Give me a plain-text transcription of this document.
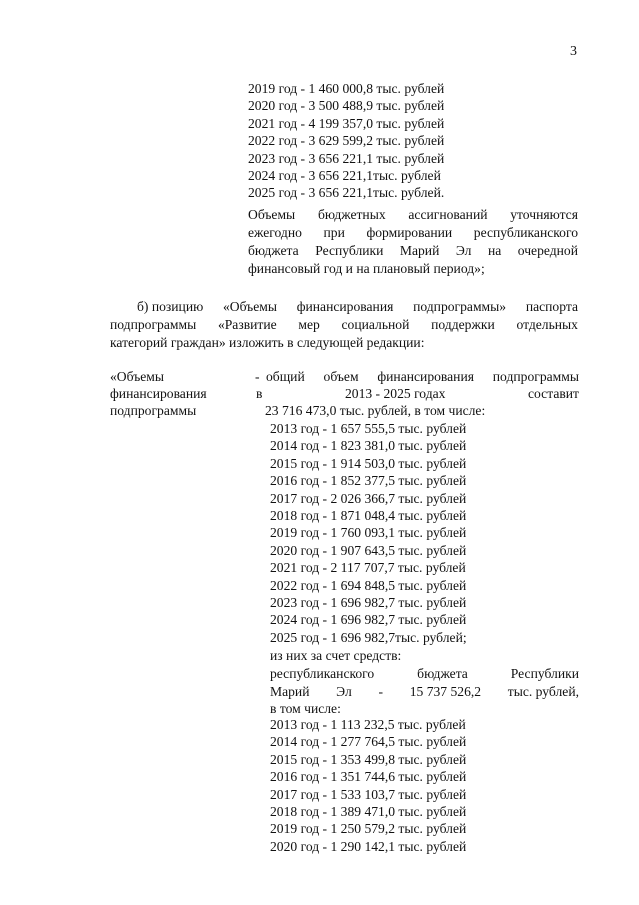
3
2019 год - 1 460 000,8 тыс. рублей
2020 год - 3 500 488,9 тыс. рублей
2021 год - 4 199 357,0 тыс. рублей
2022 год - 3 629 599,2 тыс. рублей
2023 год - 3 656 221,1 тыс. рублей
2024 год - 3 656 221,1тыс. рублей
2025 год - 3 656 221,1тыс. рублей.
Объемы бюджетных ассигнований уточняются
ежегодно при формировании республиканского
бюджета Республики Марий Эл на очередной
финансовый год и на плановый период»;
б) позицию «Объемы финансирования подпрограммы» паспорта
подпрограммы «Развитие мер социальной поддержки отдельных
категорий граждан» изложить в следующей редакции:
«Объемы
финансирования
подпрограммы
- общий объем финансирования подпрограммы
в	2013 - 2025 годах	составит
23 716 473,0 тыс. рублей, в том числе:
2013 год - 1 657 555,5 тыс. рублей
2014 год - 1 823 381,0 тыс. рублей
2015 год - 1 914 503,0 тыс. рублей
2016 год - 1 852 377,5 тыс. рублей
2017 год - 2 026 366,7 тыс. рублей
2018 год - 1 871 048,4 тыс. рублей
2019 год - 1 760 093,1 тыс. рублей
2020 год - 1 907 643,5 тыс. рублей
2021 год - 2 117 707,7 тыс. рублей
2022 год - 1 694 848,5 тыс. рублей
2023 год - 1 696 982,7 тыс. рублей
2024 год - 1 696 982,7 тыс. рублей
2025 год - 1 696 982,7тыс. рублей;
из них за счет средств:
республиканского	бюджета	Республики
Марий Эл - 15 737 526,2 тыс. рублей,
в том числе:
2013 год - 1 113 232,5 тыс. рублей
2014 год - 1 277 764,5 тыс. рублей
2015 год - 1 353 499,8 тыс. рублей
2016 год - 1 351 744,6 тыс. рублей
2017 год - 1 533 103,7 тыс. рублей
2018 год - 1 389 471,0 тыс. рублей
2019 год - 1 250 579,2 тыс. рублей
2020 год - 1 290 142,1 тыс. рублей
